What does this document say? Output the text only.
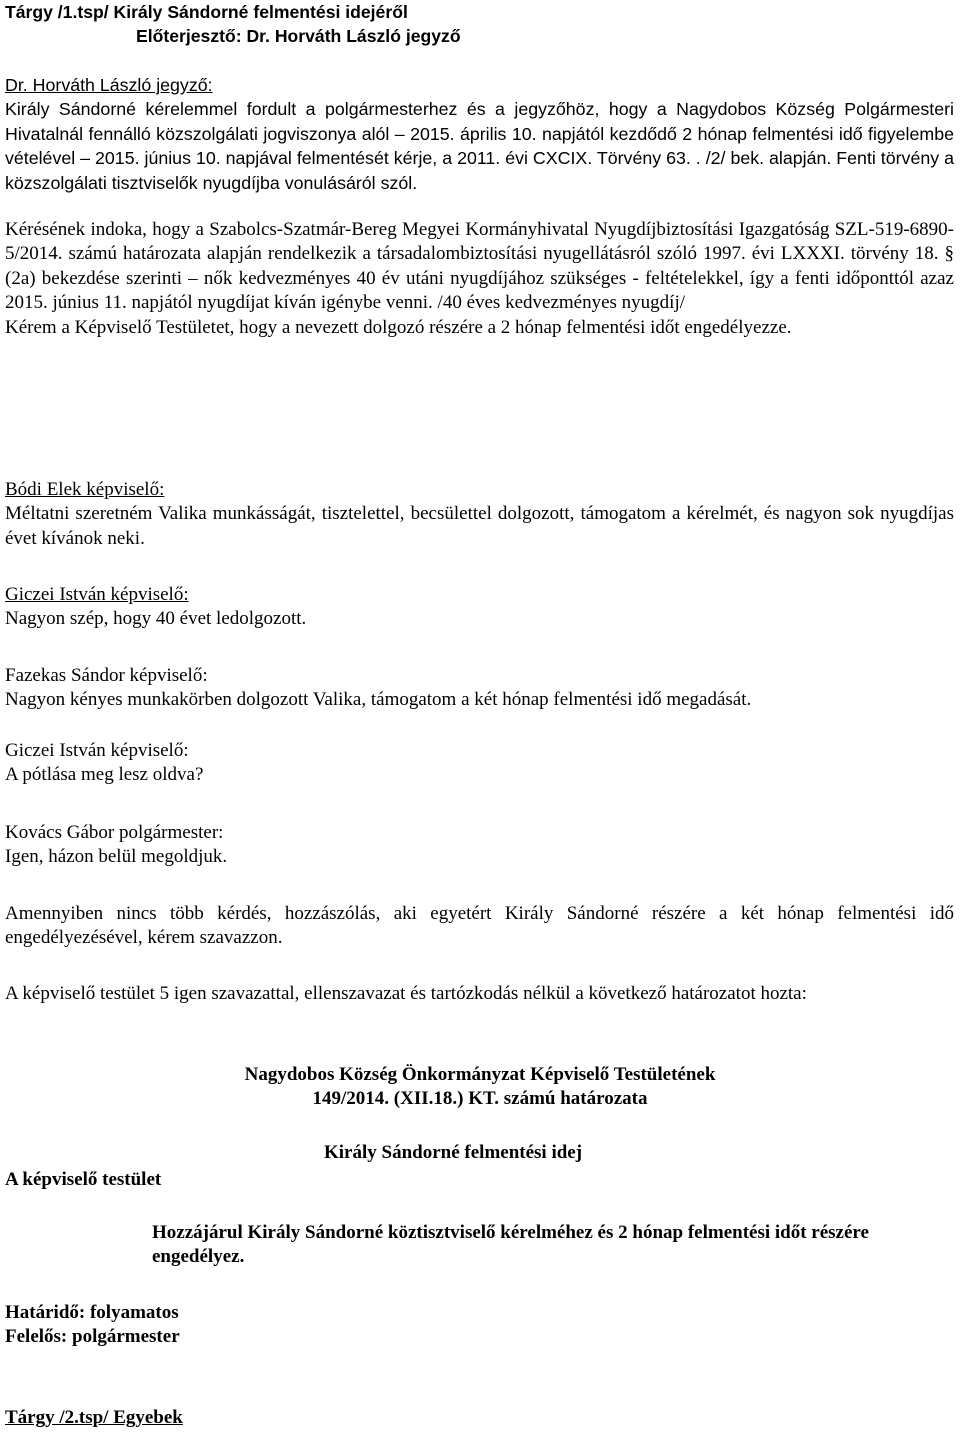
Tárgy /1.tsp/ Király Sándorné felmentési idejéről

Előterjesztő: Dr. Horváth László jegyző

Dr. Horváth László jegyző:

Király Sándorné kérelemmel fordult a polgármesterhez és a jegyzőhöz, hogy a Nagydobos Község Polgármesteri Hivatalnál fennálló közszolgálati jogviszonya alól – 2015. április 10. napjától kezdődő 2 hónap felmentési idő figyelembe vételével – 2015. június 10. napjával felmentését kérje, a 2011. évi CXCIX. Törvény 63. . /2/ bek. alapján. Fenti törvény a közszolgálati tisztviselők nyugdíjba vonulásáról szól.

Kérésének indoka, hogy a Szabolcs-Szatmár-Bereg Megyei Kormányhivatal Nyugdíjbiztosítási Igazgatóság SZL-519-6890-5/2014. számú határozata alapján rendelkezik a társadalombiztosítási nyugellátásról szóló 1997. évi LXXXI. törvény 18. § (2a) bekezdése szerinti – nők kedvezményes 40 év utáni nyugdíjához szükséges - feltételekkel, így a fenti időponttól azaz 2015. június 11. napjától nyugdíjat kíván igénybe venni. /40 éves kedvezményes nyugdíj/

Kérem a Képviselő Testületet, hogy a nevezett dolgozó részére a 2 hónap felmentési időt engedélyezze.

Bódi Elek képviselő:

Méltatni szeretném Valika munkásságát, tisztelettel, becsülettel dolgozott, támogatom a kérelmét, és nagyon sok nyugdíjas évet kívánok neki.

Giczei István képviselő:

Nagyon szép, hogy 40 évet ledolgozott.

Fazekas Sándor képviselő:

Nagyon kényes munkakörben dolgozott Valika, támogatom a két hónap felmentési idő megadását.

Giczei István képviselő:

A pótlása meg lesz oldva?

Kovács Gábor polgármester:

Igen, házon belül megoldjuk.

Amennyiben nincs több kérdés, hozzászólás, aki egyetért Király Sándorné részére a két hónap felmentési idő engedélyezésével, kérem szavazzon.

A képviselő testület 5 igen szavazattal, ellenszavazat és tartózkodás nélkül a következő határozatot hozta:

Nagydobos Község Önkormányzat Képviselő Testületének

149/2014. (XII.18.) KT. számú határozata

Király Sándorné felmentési idej

A képviselő testület

Hozzájárul Király Sándorné köztisztviselő kérelméhez és 2 hónap felmentési időt részére engedélyez.

Határidő: folyamatos

Felelős: polgármester

Tárgy /2.tsp/ Egyebek
